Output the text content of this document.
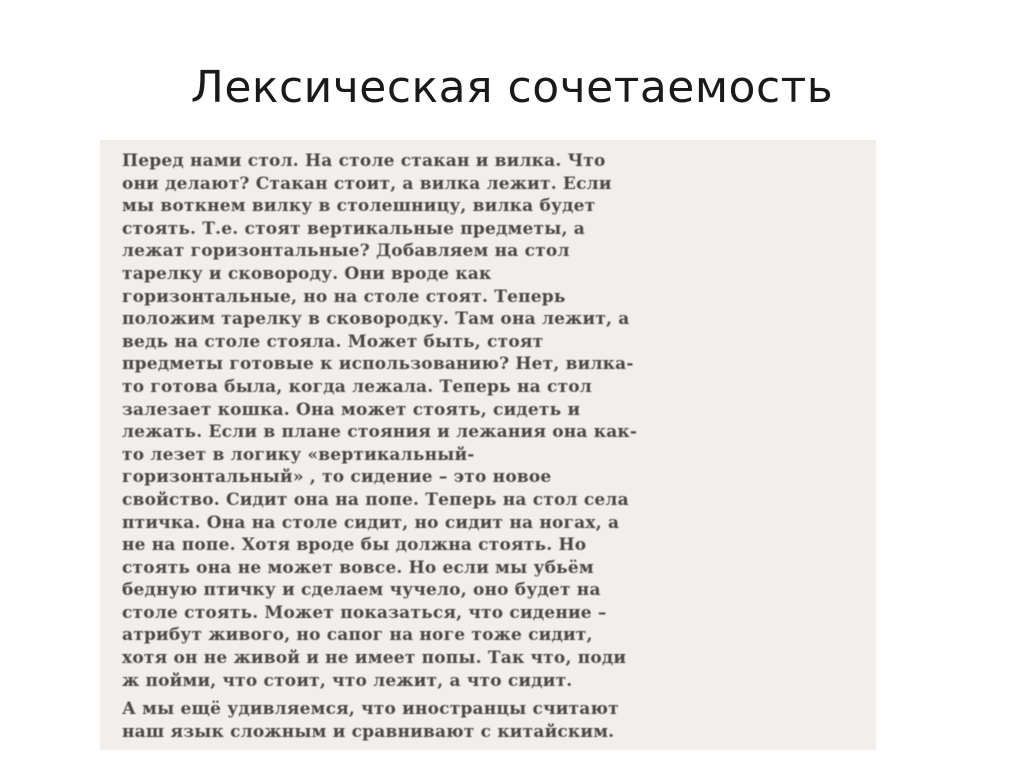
Лексическая сочетаемость

Перед нами стол. На столе стакан и вилка. Что
они делают? Стакан стоит, а вилка лежит. Если
мы воткнем вилку в столешницу, вилка будет
стоять. Т.е. стоят вертикальные предметы, а
лежат горизонтальные? Добавляем на стол
тарелку и сковороду. Они вроде как
горизонтальные, но на столе стоят. Теперь
положим тарелку в сковородку. Там она лежит, а
ведь на столе стояла. Может быть, стоят
предметы готовые к использованию? Нет, вилка-
то готова была, когда лежала. Теперь на стол
залезает кошка. Она может стоять, сидеть и
лежать. Если в плане стояния и лежания она как-
то лезет в логику «вертикальный-
горизонтальный» , то сидение – это новое
свойство. Сидит она на попе. Теперь на стол села
птичка. Она на столе сидит, но сидит на ногах, а
не на попе. Хотя вроде бы должна стоять. Но
стоять она не может вовсе. Но если мы убьём
бедную птичку и сделаем чучело, оно будет на
столе стоять. Может показаться, что сидение –
атрибут живого, но сапог на ноге тоже сидит,
хотя он не живой и не имеет попы. Так что, поди
ж пойми, что стоит, что лежит, а что сидит.

А мы ещё удивляемся, что иностранцы считают
наш язык сложным и сравнивают с китайским.
